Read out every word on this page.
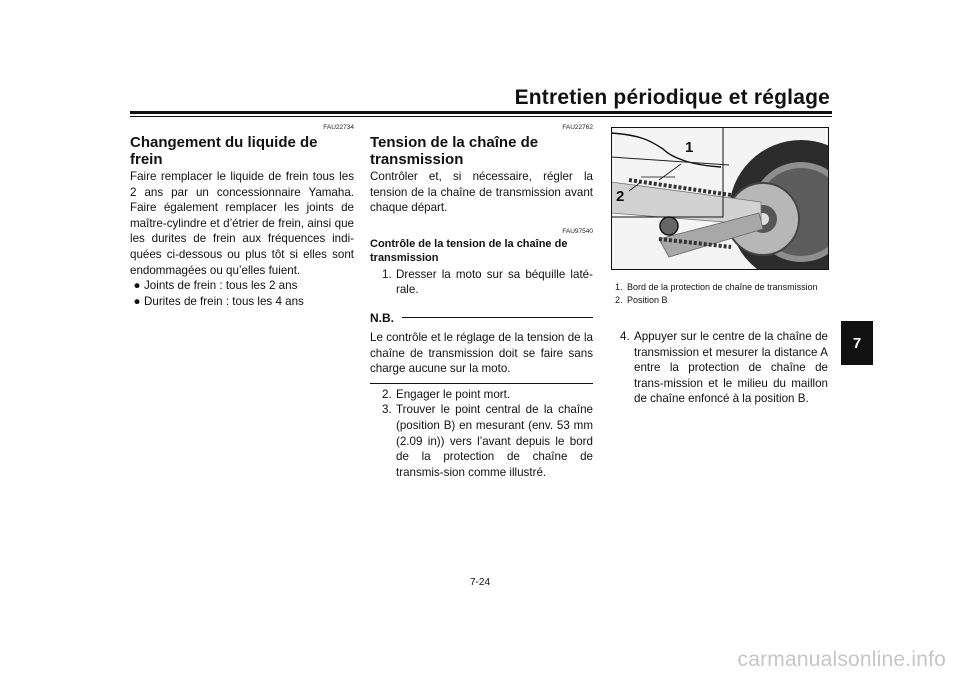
Entretien périodique et réglage
7
FAU22734
Changement du liquide de frein
Faire remplacer le liquide de frein tous les 2 ans par un concessionnaire Yamaha. Faire également remplacer les joints de maître-cylindre et d’étrier de frein, ainsi que les durites de frein aux fréquences indi-quées ci-dessous ou plus tôt si elles sont endommagées ou qu’elles fuient.
● Joints de frein : tous les 2 ans
● Durites de frein : tous les 4 ans
FAU22762
Tension de la chaîne de
transmission
Contrôler et, si nécessaire, régler la tension de la chaîne de transmission avant chaque départ.
FAU97540
Contrôle de la tension de la chaîne de
transmission
1. Dresser la moto sur sa béquille laté-rale.
N.B.
Le contrôle et le réglage de la tension de la chaîne de transmission doit se faire sans charge aucune sur la moto.
2. Engager le point mort.
3. Trouver le point central de la chaîne (position B) en mesurant (env. 53 mm (2.09 in)) vers l’avant depuis le bord de la protection de chaîne de transmis-sion comme illustré.
1
2
1. Bord de la protection de chaîne de transmission
2. Position B
4. Appuyer sur le centre de la chaîne de transmission et mesurer la distance A entre la protection de chaîne de trans-mission et le milieu du maillon de chaîne enfoncé à la position B.
7-24
carmanualsonline.info
